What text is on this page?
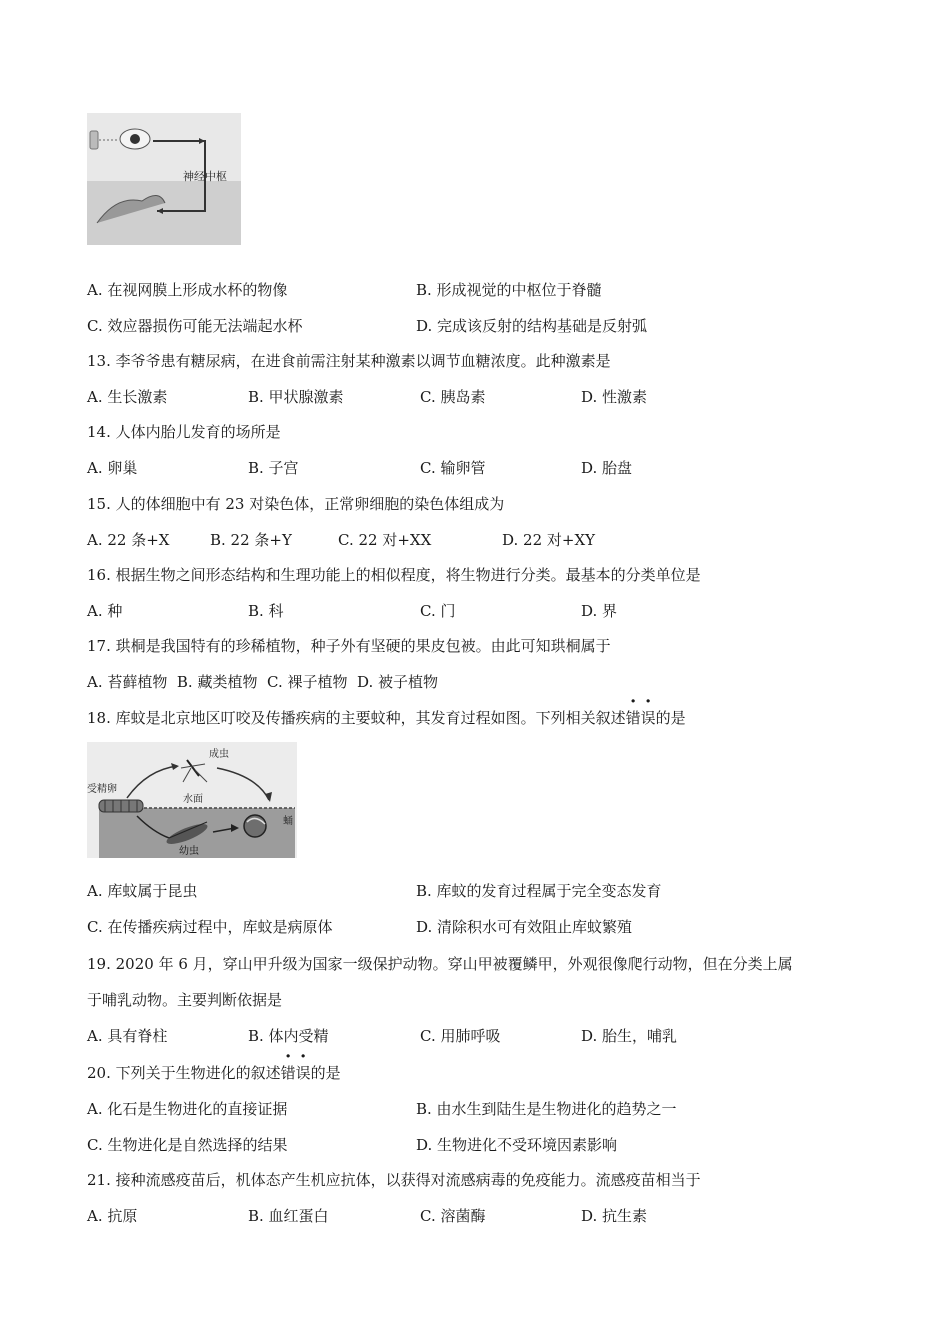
神经中枢
A. 在视网膜上形成水杯的物像	B. 形成视觉的中枢位于脊髓
C. 效应器损伤可能无法端起水杯	D. 完成该反射的结构基础是反射弧
13. 李爷爷患有糖尿病，在进食前需注射某种激素以调节血糖浓度。此种激素是
A. 生长激素	B. 甲状腺激素	C. 胰岛素	D. 性激素
14. 人体内胎儿发育的场所是
A. 卵巢	B. 子宫	C. 输卵管	D. 胎盘
15. 人的体细胞中有 23 对染色体，正常卵细胞的染色体组成为
A. 22 条+X	B. 22 条+Y	C. 22 对+XX	D. 22 对+XY
16. 根据生物之间形态结构和生理功能上的相似程度，将生物进行分类。最基本的分类单位是
A. 种	B. 科	C. 门	D. 界
17. 珙桐是我国特有的珍稀植物，种子外有坚硬的果皮包被。由此可知珙桐属于
A. 苔藓植物  B. 藏类植物  C. 裸子植物  D. 被子植物
18. 库蚊是北京地区叮咬及传播疾病的主要蚊种，其发育过程如图。下列相关叙述错误的是
成虫
受精卵
水面
蛹
幼虫
A. 库蚊属于昆虫	B. 库蚊的发育过程属于完全变态发育
C. 在传播疾病过程中，库蚊是病原体	D. 清除积水可有效阻止库蚊繁殖
19. 2020 年 6 月，穿山甲升级为国家一级保护动物。穿山甲被覆鳞甲，外观很像爬行动物，但在分类上属
于哺乳动物。主要判断依据是
A. 具有脊柱	B. 体内受精	C. 用肺呼吸	D. 胎生，哺乳
20. 下列关于生物进化的叙述错误的是
A. 化石是生物进化的直接证据	B. 由水生到陆生是生物进化的趋势之一
C. 生物进化是自然选择的结果	D. 生物进化不受环境因素影响
21. 接种流感疫苗后，机体态产生机应抗体，以获得对流感病毒的免疫能力。流感疫苗相当于
A. 抗原	B. 血红蛋白	C. 溶菌酶	D. 抗生素
